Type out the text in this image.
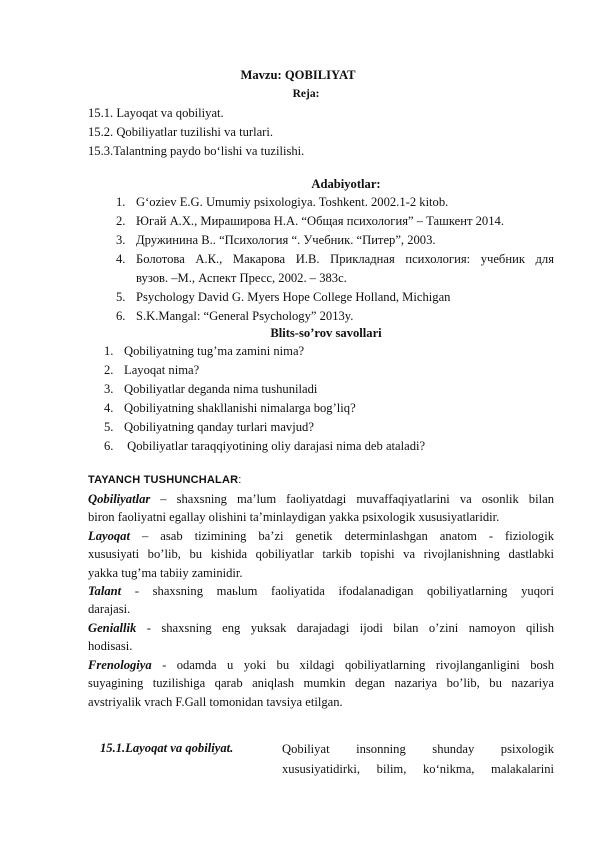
Mavzu: QOBILIYAT
Reja:
15.1. Layoqat va qobiliyat.
15.2. Qobiliyatlar tuzilishi va turlari.
15.3.Talantning paydo bo‘lishi va tuzilishi.
Adabiyotlar:
1. G‘oziev E.G. Umumiy psixologiya. Toshkent. 2002.1-2 kitob.
2. Югай А.Х., Мираширова Н.А. “Общая психология” – Ташкент 2014.
3. Дружинина В.. “Психология “. Учебник. “Питер”, 2003.
4. Болотова А.К., Макарова И.В. Прикладная психология: учебник для
вузов. –М., Аспект Пресс, 2002. – 383с.
5. Psychology David G. Myers Hope College Holland, Michigan
6. S.K.Mangal: “General Psychology” 2013y.
Blits-so’rov savollari
1. Qobiliyatning tug’ma zamini nima?
2. Layoqat nima?
3. Qobiliyatlar deganda nima tushuniladi
4. Qobiliyatning shakllanishi nimalarga bog’liq?
5. Qobiliyatning qanday turlari mavjud?
6. Qobiliyatlar taraqqiyotining oliy darajasi nima deb ataladi?
TAYANCH TUSHUNCHALAR:
Qobiliyatlar – shaxsning ma’lum faoliyatdagi muvaffaqiyatlarini va osonlik bilan
biron faoliyatni egallay olishini ta’minlaydigan yakka psixologik xususiyatlaridir.
Layoqat – asab tizimining ba’zi genetik determinlashgan anatom - fiziologik
xususiyati bo’lib, bu kishida qobiliyatlar tarkib topishi va rivojlanishning dastlabki
yakka tug’ma tabiiy zaminidir.
Talant - shaxsning maьlum faoliyatida ifodalanadigan qobiliyatlarning yuqori
darajasi.
Geniallik - shaxsning eng yuksak darajadagi ijodi bilan o’zini namoyon qilish
hodisasi.
Frenologiya - odamda u yoki bu xildagi qobiliyatlarning rivojlanganligini bosh
suyagining tuzilishiga qarab aniqlash mumkin degan nazariya bo’lib, bu nazariya
avstriyalik vrach F.Gall tomonidan tavsiya etilgan.
15.1.Layoqat va qobiliyat.	Qobiliyat insonning shunday psixologik
xususiyatidirki, bilim, ko‘nikma, malakalarini
